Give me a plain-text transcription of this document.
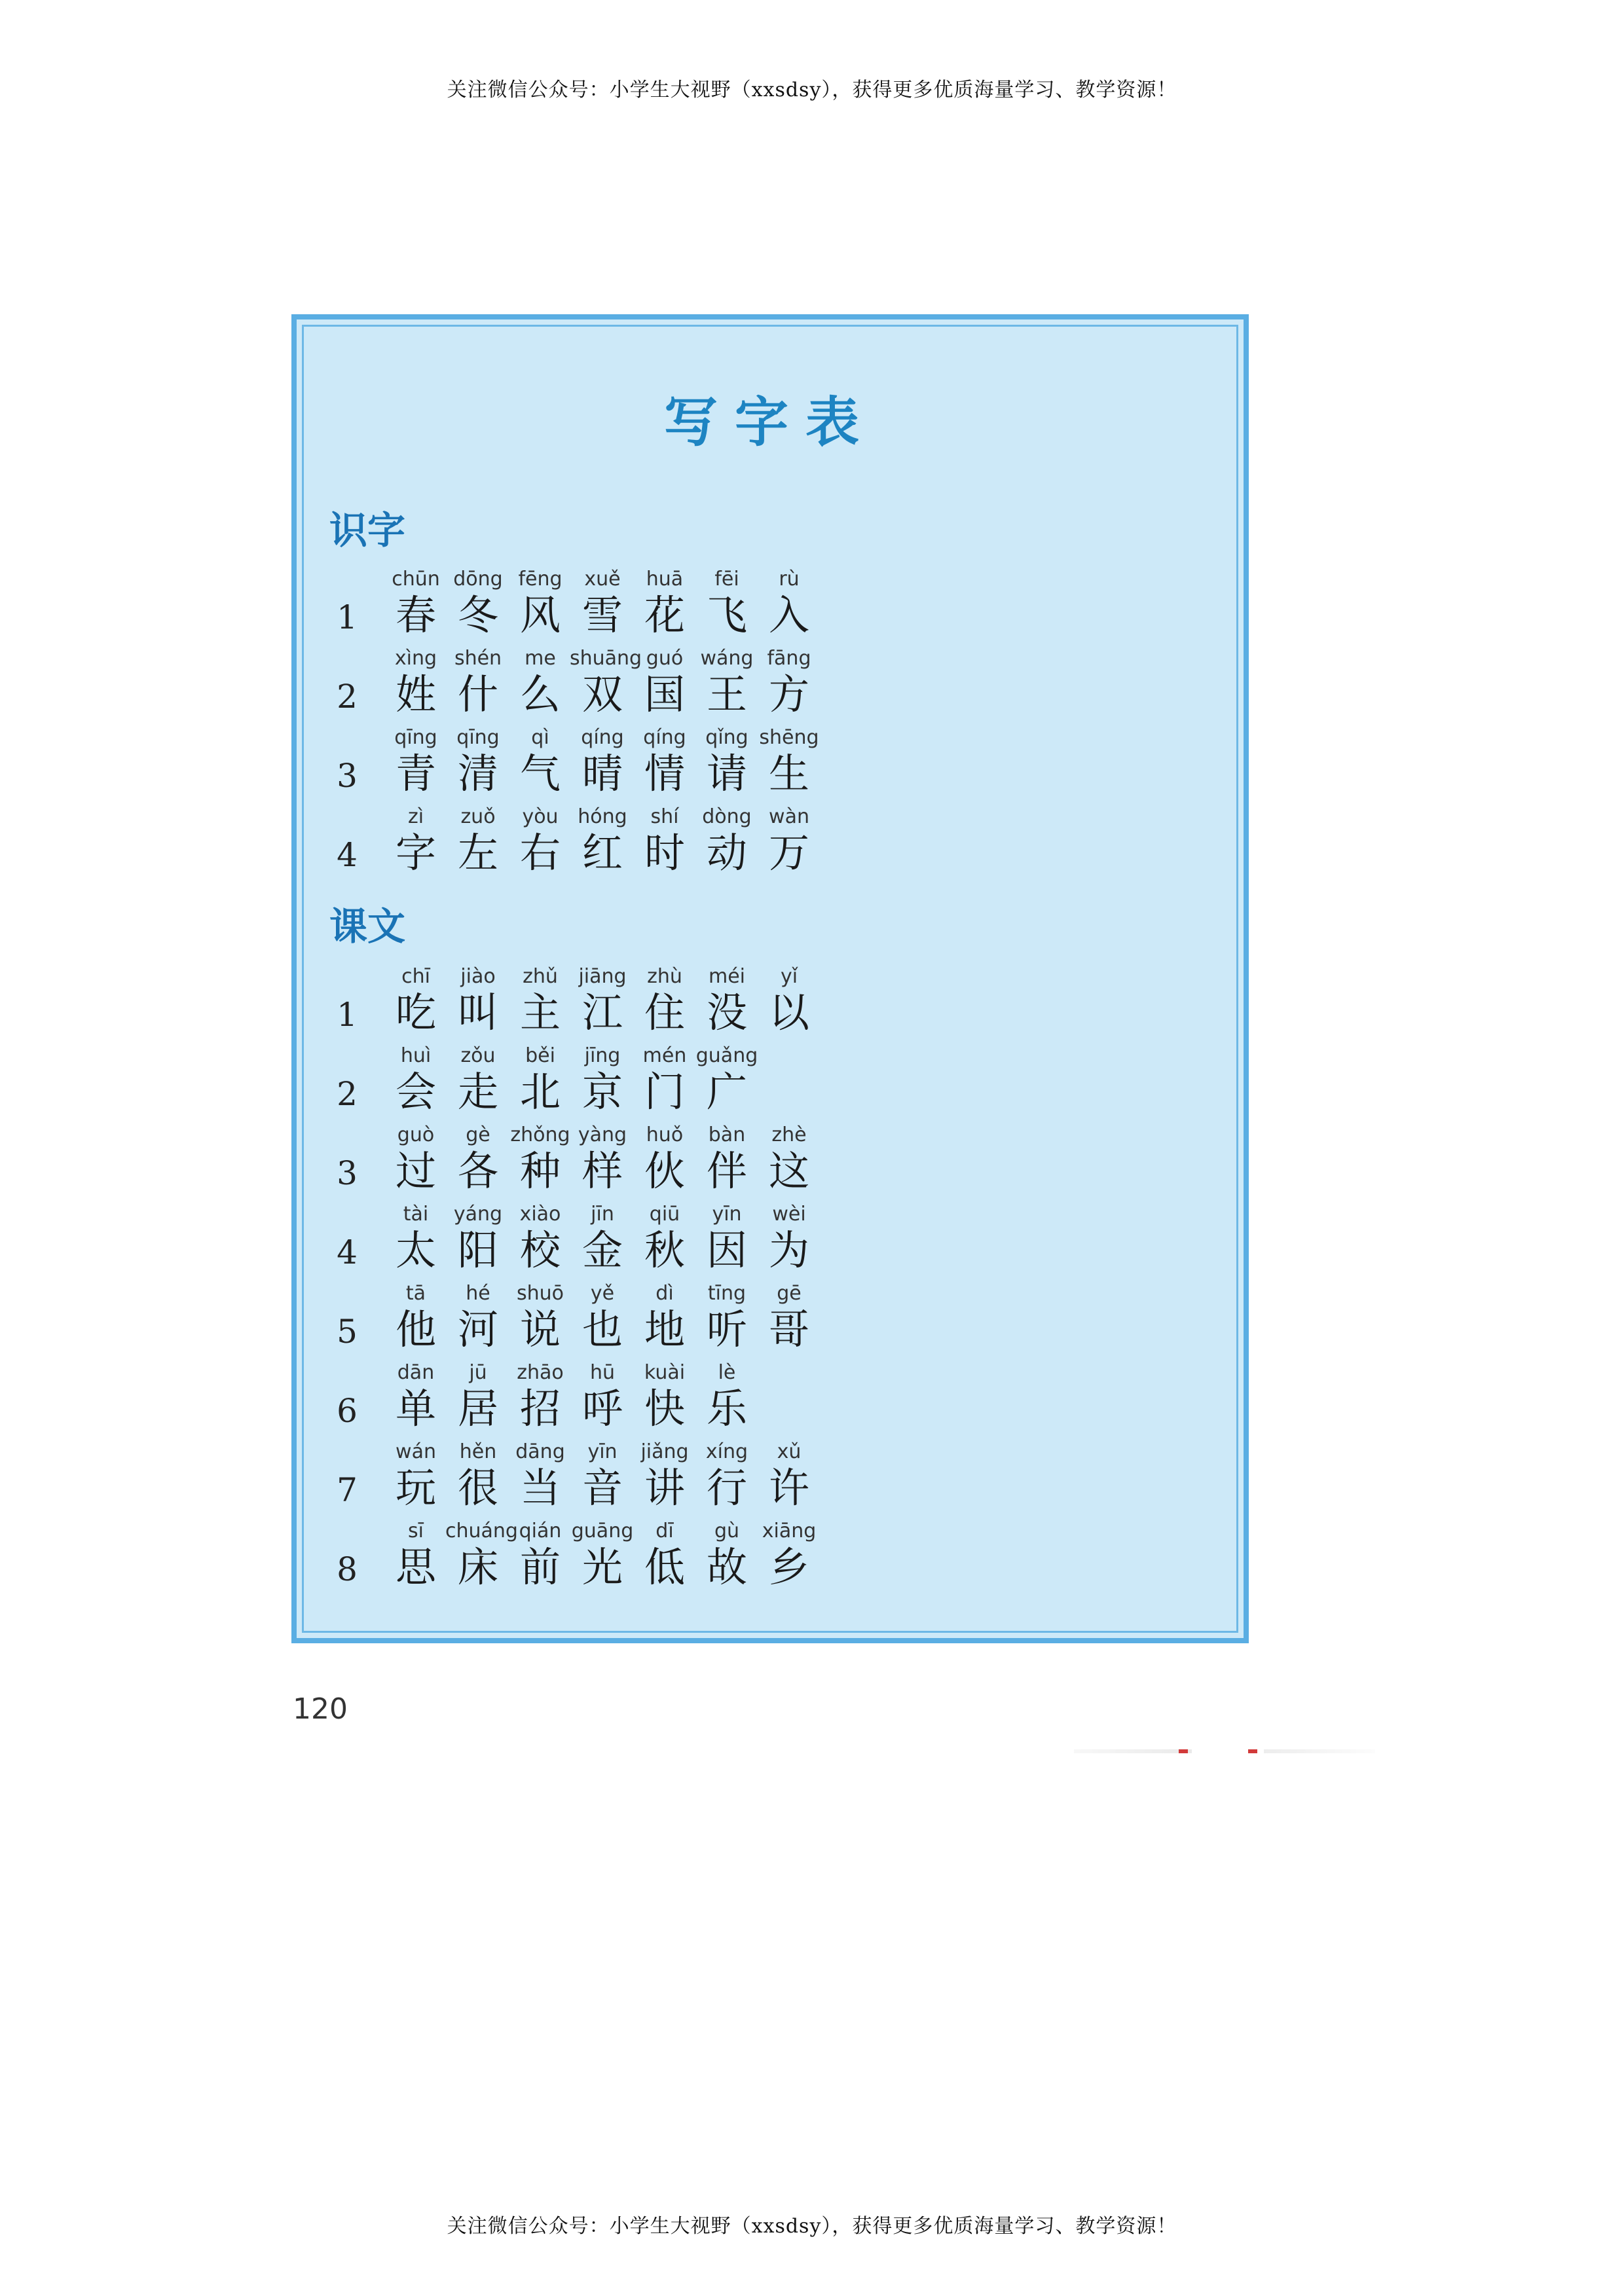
关注微信公众号：小学生大视野（xxsdsy），获得更多优质海量学习、教学资源！
写字表
识字
1
chūn
春
dōng
冬
fēng
风
xuě
雪
huā
花
fēi
飞
rù
入
2
xìng
姓
shén
什
me
么
shuāng
双
guó
国
wáng
王
fāng
方
3
qīng
青
qīng
清
qì
气
qíng
晴
qíng
情
qǐng
请
shēng
生
4
zì
字
zuǒ
左
yòu
右
hóng
红
shí
时
dòng
动
wàn
万
课文
1
chī
吃
jiào
叫
zhǔ
主
jiāng
江
zhù
住
méi
没
yǐ
以
2
huì
会
zǒu
走
běi
北
jīng
京
mén
门
guǎng
广
3
guò
过
gè
各
zhǒng
种
yàng
样
huǒ
伙
bàn
伴
zhè
这
4
tài
太
yáng
阳
xiào
校
jīn
金
qiū
秋
yīn
因
wèi
为
5
tā
他
hé
河
shuō
说
yě
也
dì
地
tīng
听
gē
哥
6
dān
单
jū
居
zhāo
招
hū
呼
kuài
快
lè
乐
7
wán
玩
hěn
很
dāng
当
yīn
音
jiǎng
讲
xíng
行
xǔ
许
8
sī
思
chuáng
床
qián
前
guāng
光
dī
低
gù
故
xiāng
乡
120
关注微信公众号：小学生大视野（xxsdsy），获得更多优质海量学习、教学资源！
